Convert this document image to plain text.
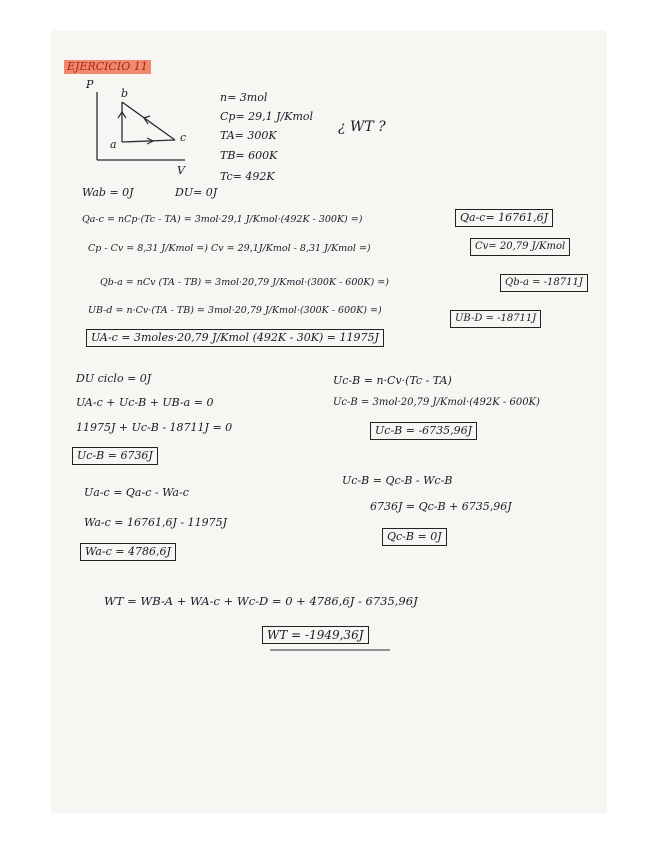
EJERCICIO 11
P
V
a
b
c
n= 3mol
Cp= 29,1 J/Kmol
TA= 300K
TB= 600K
Tc= 492K
¿ WT ?
Wab = 0J	DU= 0J
Qa-c = nCp·(Tc - TA) = 3mol·29,1 J/Kmol·(492K - 300K) =)	Qa-c= 16761,6J
Cp - Cv = 8,31 J/Kmol =) Cv = 29,1J/Kmol - 8,31 J/Kmol =)	Cv= 20,79 J/Kmol
Qb-a = nCv (TA - TB) = 3mol·20,79 J/Kmol·(300K - 600K) =)	Qb-a = -18711J
UB-d = n·Cv·(TA - TB) = 3mol·20,79 J/Kmol·(300K - 600K) =)
UB-D = -18711J
UA-c = 3moles·20,79 J/Kmol (492K - 30K) = 11975J
DU ciclo = 0J
UA-c + Uc-B + UB-a = 0
11975J + Uc-B - 18711J = 0
Uc-B = 6736J
Ua-c = Qa-c - Wa-c
Wa-c = 16761,6J - 11975J
Wa-c = 4786,6J
Uc-B = n·Cv·(Tc - TA)
Uc-B = 3mol·20,79 J/Kmol·(492K - 600K)
Uc-B = -6735,96J
Uc-B = Qc-B - Wc-B
6736J = Qc-B + 6735,96J
Qc-B = 0J
WT = WB-A + WA-c + Wc-D = 0 + 4786,6J - 6735,96J
WT = -1949,36J
